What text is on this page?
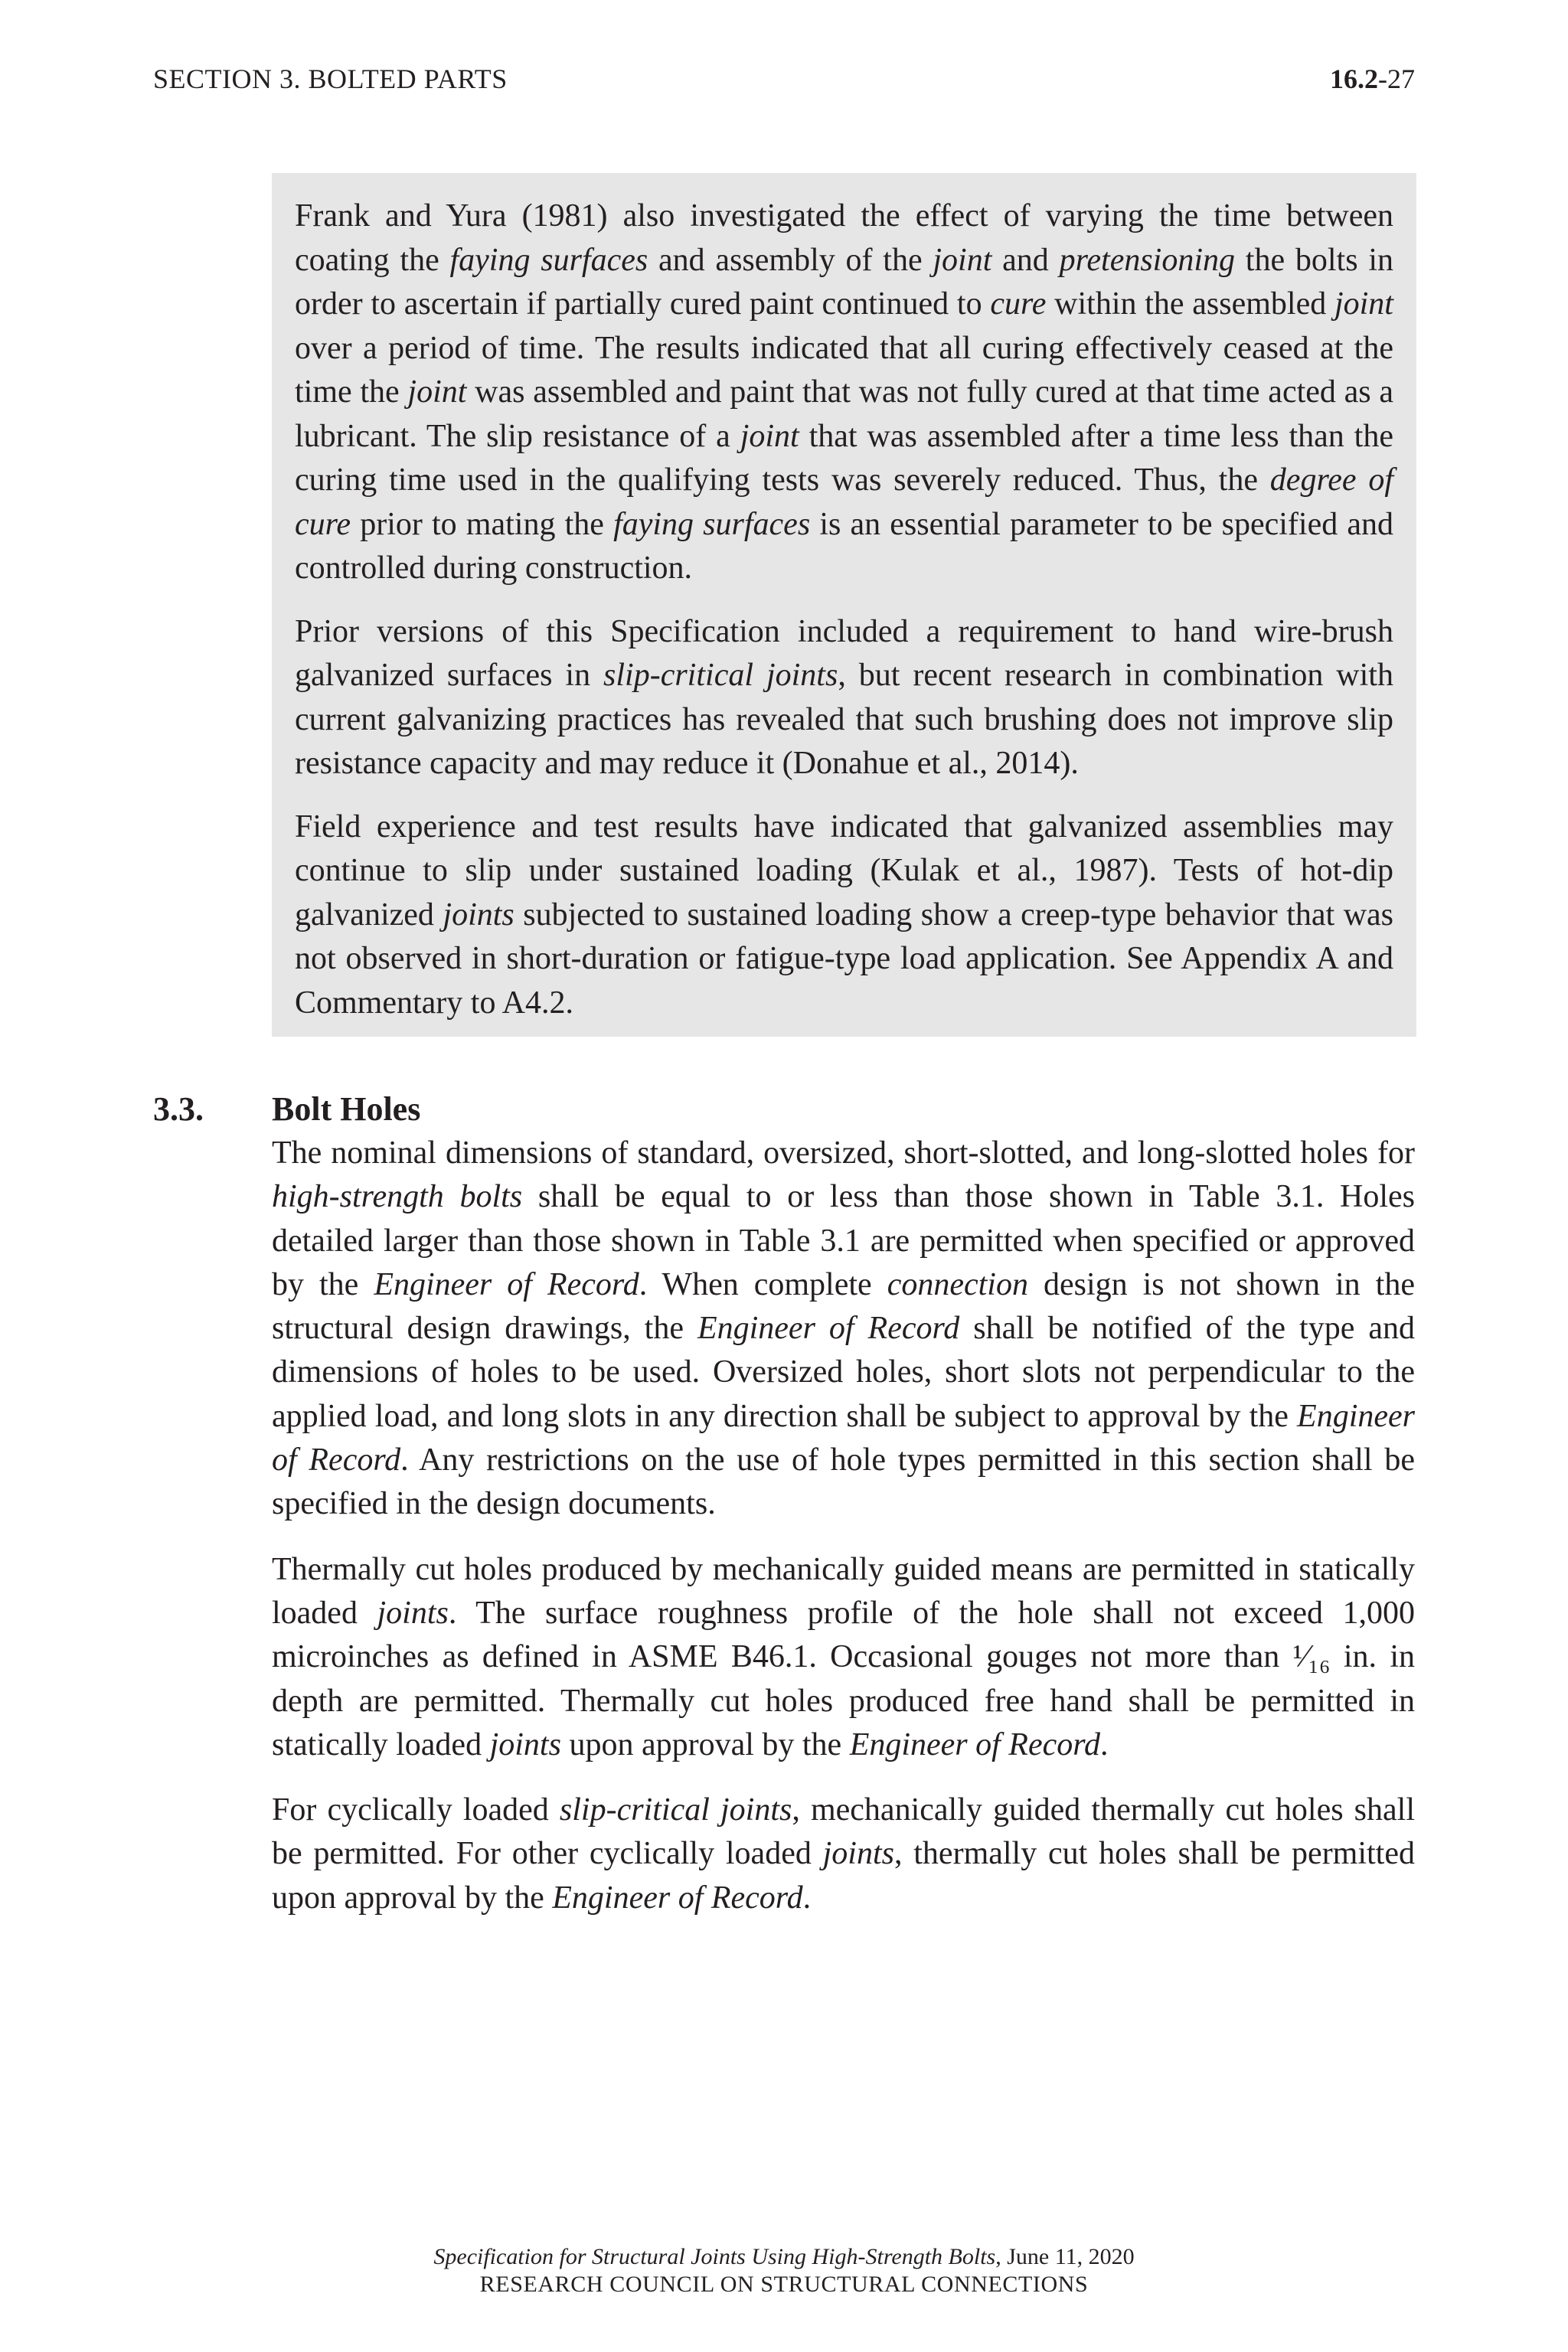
SECTION 3. BOLTED PARTS	16.2-27

Frank and Yura (1981) also investigated the effect of varying the time between coating the faying surfaces and assembly of the joint and pretensioning the bolts in order to ascertain if partially cured paint continued to cure within the assembled joint over a period of time. The results indicated that all curing effectively ceased at the time the joint was assembled and paint that was not fully cured at that time acted as a lubricant. The slip resistance of a joint that was assembled after a time less than the curing time used in the qualifying tests was severely reduced. Thus, the degree of cure prior to mating the faying surfaces is an essential parameter to be specified and controlled during construction.

Prior versions of this Specification included a requirement to hand wire-brush galvanized surfaces in slip-critical joints, but recent research in combination with current galvanizing practices has revealed that such brushing does not improve slip resistance capacity and may reduce it (Donahue et al., 2014).

Field experience and test results have indicated that galvanized assemblies may continue to slip under sustained loading (Kulak et al., 1987). Tests of hot-dip galvanized joints subjected to sustained loading show a creep-type behavior that was not observed in short-duration or fatigue-type load application. See Appendix A and Commentary to A4.2.

3.3. Bolt Holes

The nominal dimensions of standard, oversized, short-slotted, and long-slotted holes for high-strength bolts shall be equal to or less than those shown in Table 3.1. Holes detailed larger than those shown in Table 3.1 are permitted when specified or approved by the Engineer of Record. When complete connection design is not shown in the structural design drawings, the Engineer of Record shall be notified of the type and dimensions of holes to be used. Oversized holes, short slots not perpendicular to the applied load, and long slots in any direction shall be subject to approval by the Engineer of Record. Any restrictions on the use of hole types permitted in this section shall be specified in the design documents.

Thermally cut holes produced by mechanically guided means are permitted in statically loaded joints. The surface roughness profile of the hole shall not exceed 1,000 microinches as defined in ASME B46.1. Occasional gouges not more than ¹⁄₁₆ in. in depth are permitted. Thermally cut holes produced free hand shall be permitted in statically loaded joints upon approval by the Engineer of Record.

For cyclically loaded slip-critical joints, mechanically guided thermally cut holes shall be permitted. For other cyclically loaded joints, thermally cut holes shall be permitted upon approval by the Engineer of Record.

Specification for Structural Joints Using High-Strength Bolts, June 11, 2020
RESEARCH COUNCIL ON STRUCTURAL CONNECTIONS
